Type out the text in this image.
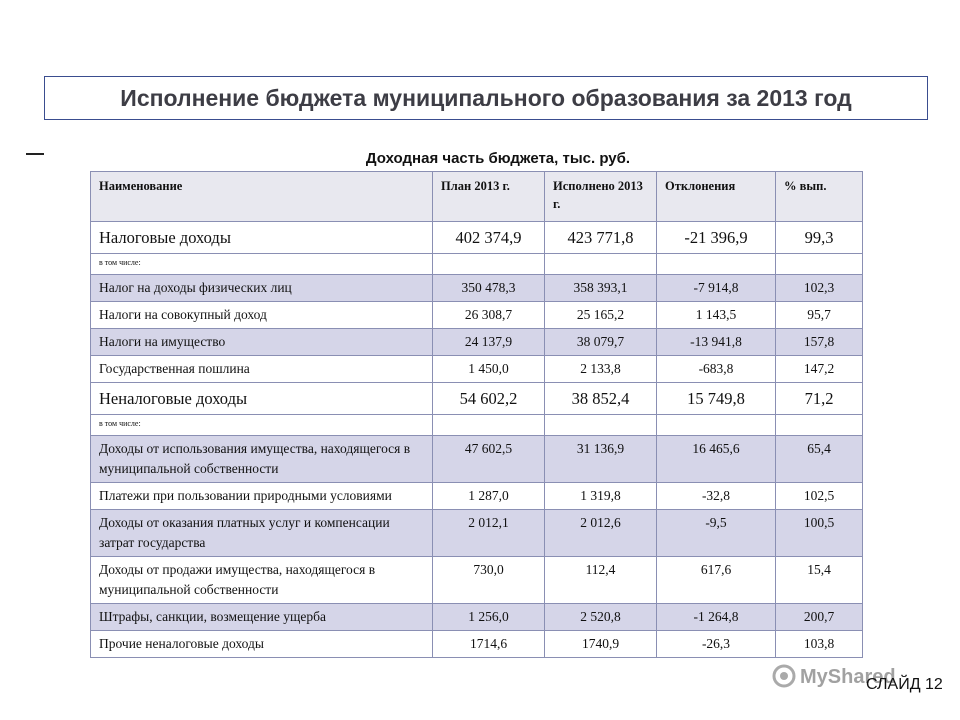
Исполнение бюджета муниципального образования за 2013 год
Доходная часть бюджета, тыс. руб.
Наименование	План 2013 г.	Исполнено 2013 г.	Отклонения	% вып.
Налоговые доходы	402 374,9	423 771,8	-21 396,9	99,3
в том числе:				
Налог на доходы физических лиц	350 478,3	358 393,1	-7 914,8	102,3
Налоги на совокупный доход	26 308,7	25 165,2	1 143,5	95,7
Налоги на имущество	24 137,9	38 079,7	-13 941,8	157,8
Государственная пошлина	1 450,0	2 133,8	-683,8	147,2
Неналоговые доходы	54 602,2	38 852,4	15 749,8	71,2
в том числе:				
Доходы от использования имущества, находящегося в муниципальной собственности	47 602,5	31 136,9	16 465,6	65,4
Платежи при пользовании природными условиями	1 287,0	1 319,8	-32,8	102,5
Доходы от оказания платных услуг и компенсации затрат государства	2 012,1	2 012,6	-9,5	100,5
Доходы от продажи имущества, находящегося в муниципальной собственности	730,0	112,4	617,6	15,4
Штрафы, санкции, возмещение ущерба	1 256,0	2 520,8	-1 264,8	200,7
Прочие неналоговые доходы	1714,6	1740,9	-26,3	103,8
MyShared
СЛАЙД 12
